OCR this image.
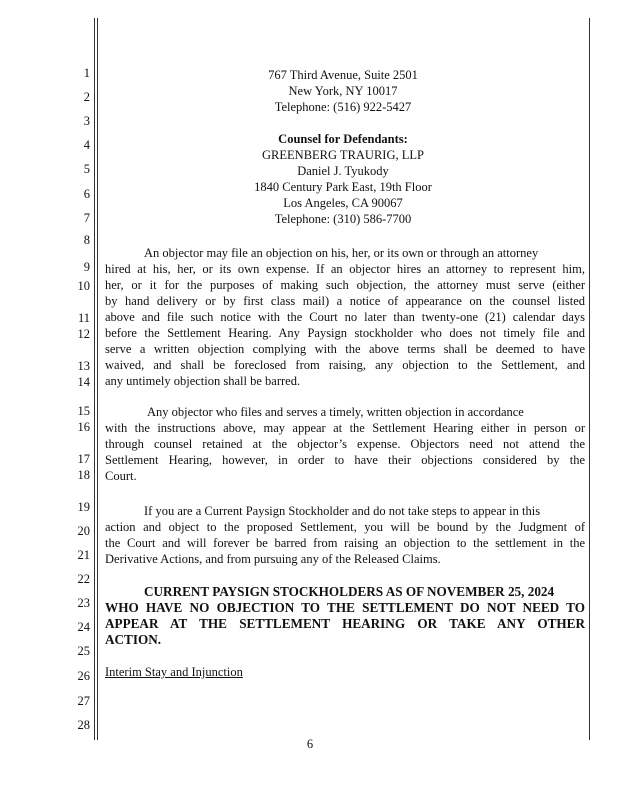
1
2
3
4
5
6
7
8
9
10
11
12
13
14
15
16
17
18
19
20
21
22
23
24
25
26
27
28
767 Third Avenue, Suite 2501
New York, NY 10017
Telephone: (516) 922-5427
Counsel for Defendants:
GREENBERG TRAURIG, LLP
Daniel J. Tyukody
1840 Century Park East, 19th Floor
Los Angeles, CA 90067
Telephone: (310) 586-7700
An objector may file an objection on his, her, or its own or through an attorney
hired at his, her, or its own expense. If an objector hires an attorney to represent him,
her, or it for the purposes of making such objection, the attorney must serve (either
by hand delivery or by first class mail) a notice of appearance on the counsel listed
above and file such notice with the Court no later than twenty-one (21) calendar days
before the Settlement Hearing. Any Paysign stockholder who does not timely file and
serve a written objection complying with the above terms shall be deemed to have
waived, and shall be foreclosed from raising, any objection to the Settlement, and
any untimely objection shall be barred.
Any objector who files and serves a timely, written objection in accordance
with the instructions above, may appear at the Settlement Hearing either in person or
through counsel retained at the objector’s expense. Objectors need not attend the
Settlement Hearing, however, in order to have their objections considered by the
Court.
If you are a Current Paysign Stockholder and do not take steps to appear in this
action and object to the proposed Settlement, you will be bound by the Judgment of
the Court and will forever be barred from raising an objection to the settlement in the
Derivative Actions, and from pursuing any of the Released Claims.
CURRENT PAYSIGN STOCKHOLDERS AS OF NOVEMBER 25, 2024
WHO HAVE NO OBJECTION TO THE SETTLEMENT DO NOT NEED TO
APPEAR AT THE SETTLEMENT HEARING OR TAKE ANY OTHER
ACTION.
Interim Stay and Injunction
6
